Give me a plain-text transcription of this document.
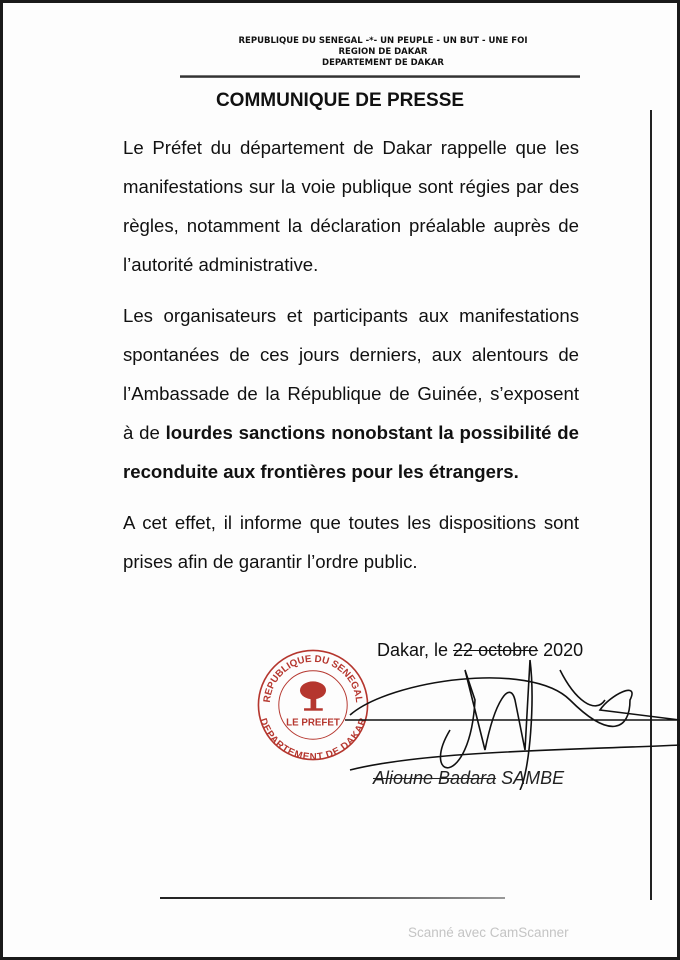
REPUBLIQUE DU SENEGAL -*- UN PEUPLE - UN BUT - UNE FOI
REGION DE DAKAR
DEPARTEMENT DE DAKAR
COMMUNIQUE DE PRESSE
Le Préfet du département de Dakar rappelle que les manifestations sur la voie publique sont régies par des règles, notamment la déclaration préalable auprès de l’autorité administrative.
Les organisateurs et participants aux manifestations spontanées de ces jours derniers, aux alentours de l’Ambassade de la République de Guinée, s’exposent à de lourdes sanctions nonobstant la possibilité de reconduite aux frontières pour les étrangers.
A cet effet, il informe que toutes les dispositions sont prises afin de garantir l’ordre public.
REPUBLIQUE DU SENEGAL
DEPARTEMENT DE DAKAR
LE PREFET
Dakar, le 22 octobre 2020
Alioune Badara SAMBE
Scanné avec CamScanner
